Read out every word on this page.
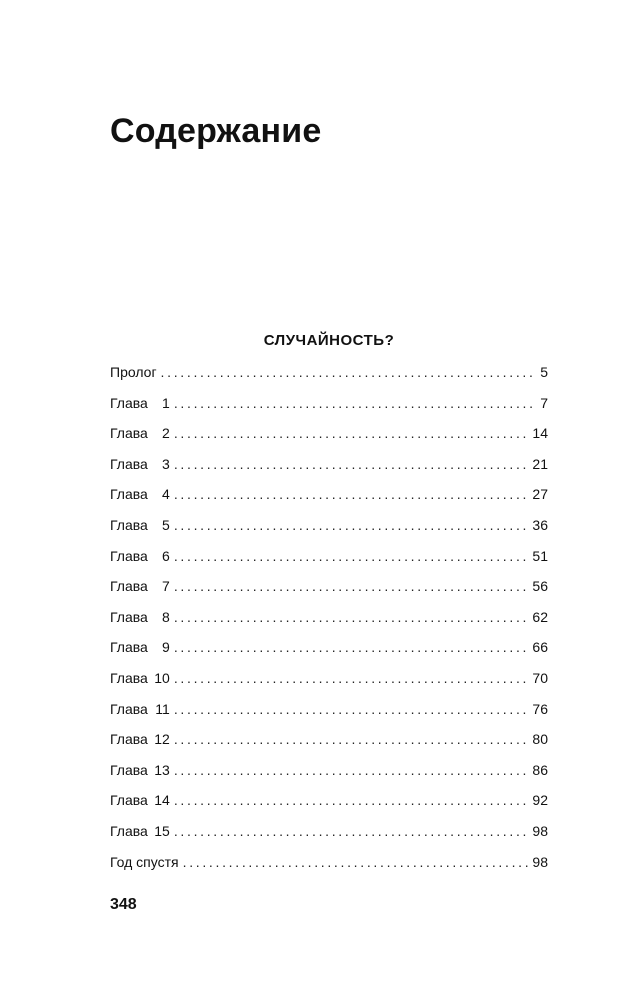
Содержание
СЛУЧАЙНОСТЬ?
Пролог . . .	5
Глава 1 . . .	7
Глава 2 . . .	14
Глава 3 . . .	21
Глава 4 . . .	27
Глава 5 . . .	36
Глава 6 . . .	51
Глава 7 . . .	56
Глава 8 . . .	62
Глава 9 . . .	66
Глава 10 . . .	70
Глава 11 . . .	76
Глава 12 . . .	80
Глава 13 . . .	86
Глава 14 . . .	92
Глава 15 . . .	98
Год спустя . . .	98

348
